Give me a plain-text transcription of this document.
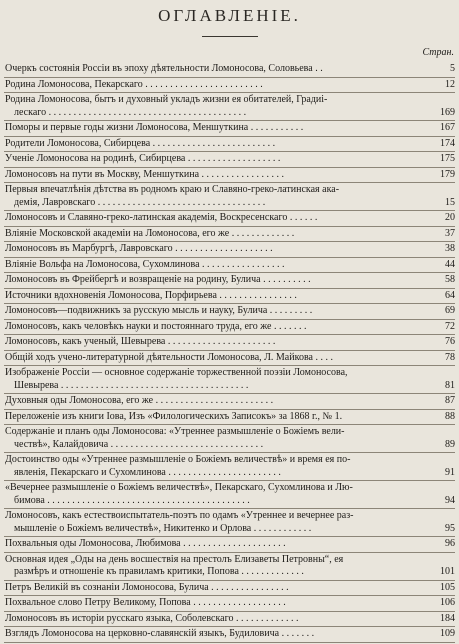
ОГЛАВЛЕНІЕ.
Стран.
Очеркъ состоянія Россіи въ эпоху дѣятельности Ломоносова, Соловьева . .	5
Родина Ломоносова, Пекарскаго . . . . . . . . . . . . . . . . . . . . . . . .	12
Родина Ломоносова, бытъ и духовный укладъ жизни ея обитателей, Градиі-
лескаго . . . . . . . . . . . . . . . . . . . . . . . . . . . . . . . . . . . . . . . .	169
Поморы и первые годы жизни Ломоносова, Меншуткина . . . . . . . . . . .	167
Родители Ломоносова, Сибирцева . . . . . . . . . . . . . . . . . . . . . . . . .	174
Ученіе Ломоносова на родинѣ, Сибирцева . . . . . . . . . . . . . . . . . . .	175
Ломоносовъ на пути въ Москву, Меншуткина . . . . . . . . . . . . . . . . .	179
Первыя впечатлѣнія дѣтства въ родномъ краю и Славяно-греко-латинская ака-
демія, Лавровскаго . . . . . . . . . . . . . . . . . . . . . . . . . . . . . . . . . .	15
Ломоносовъ и Славяно-греко-латинская академія, Воскресенскаго . . . . . .	20
Вліяніе Московской академіи на Ломоносова, его же . . . . . . . . . . . . .	37
Ломоносовъ въ Марбургѣ, Лавровскаго . . . . . . . . . . . . . . . . . . . .	38
Вліяніе Вольфа на Ломоносова, Сухомлинова . . . . . . . . . . . . . . . . .	44
Ломоносовъ въ Фрейбергѣ и возвращеніе на родину, Булича . . . . . . . . . .	58
Источники вдохновенія Ломоносова, Порфирьева . . . . . . . . . . . . . . . .	64
Ломоносовъ—подвижникъ за русскую мысль и науку, Булича . . . . . . . . .	69
Ломоносовъ, какъ человѣкъ науки и постояннаго труда, его же . . . . . . .	72
Ломоносовъ, какъ ученый, Шевырева . . . . . . . . . . . . . . . . . . . . . .	76
Общій ходъ учено-литературной дѣятельности Ломоносова, Л. Майкова . . . .	78
Изображеніе Россіи — основное содержаніе торжественной поэзіи Ломоносова,
Шевырева . . . . . . . . . . . . . . . . . . . . . . . . . . . . . . . . . . . . . .	81
Духовныя оды Ломоносова, его же . . . . . . . . . . . . . . . . . . . . . . . .	87
Переложеніе изъ книги Іова, Изъ «Филологическихъ Записокъ» за 1868 г., № 1.	88
Содержаніе и планъ оды Ломоносова: «Утреннее размышленіе о Божіемъ вели-
чествѣ», Калайдовича . . . . . . . . . . . . . . . . . . . . . . . . . . . . . . .	89
Достоинство оды «Утреннее размышленіе о Божіемъ величествѣ» и время ея по-
явленія, Пекарскаго и Сухомлинова . . . . . . . . . . . . . . . . . . . . . . .	91
«Вечернее размышленіе о Божіемъ величествѣ», Пекарскаго, Сухомлинова и Лю-
бимова . . . . . . . . . . . . . . . . . . . . . . . . . . . . . . . . . . . . . . . . .	94
Ломоносовъ, какъ естествоиспытатель-поэтъ по одамъ «Утреннее и вечернее раз-
мышленіе о Божіемъ величествѣ», Никитенко и Орлова . . . . . . . . . . . .	95
Похвальныя оды Ломоносова, Любимова . . . . . . . . . . . . . . . . . . . . .	96
Основная идея „Оды на день восшествія на престолъ Елизаветы Петровны“, ея
размѣръ и отношеніе къ правиламъ критики, Попова . . . . . . . . . . . . .	101
Петръ Великій въ сознаніи Ломоносова, Булича . . . . . . . . . . . . . . . .	105
Похвальное слово Петру Великому, Попова . . . . . . . . . . . . . . . . . . .	106
Ломоносовъ въ исторіи русскаго языка, Соболевскаго . . . . . . . . . . . . .	184
Взглядъ Ломоносова на церковно-славянскій языкъ, Будиловича . . . . . . .	109
